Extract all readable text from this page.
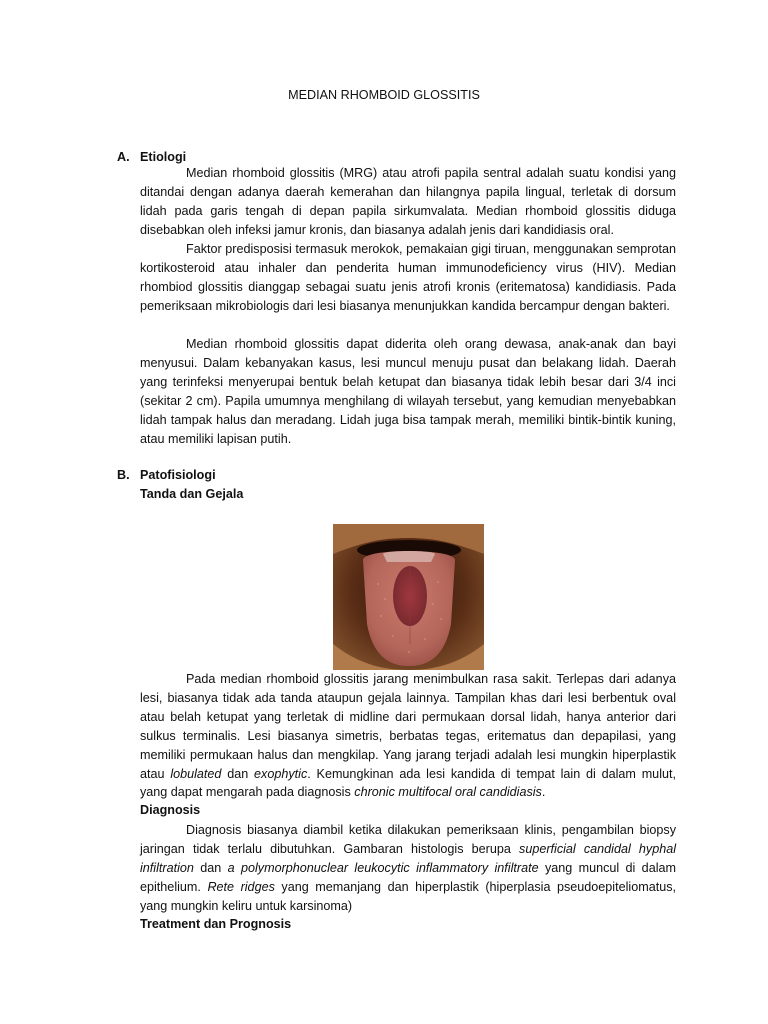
MEDIAN RHOMBOID GLOSSITIS
A. Etiologi

Median rhomboid glossitis (MRG) atau atrofi papila sentral adalah suatu kondisi yang ditandai dengan adanya daerah kemerahan dan hilangnya papila lingual, terletak di dorsum lidah pada garis tengah di depan papila sirkumvalata. Median rhomboid glossitis diduga disebabkan oleh infeksi jamur kronis, dan biasanya adalah jenis dari kandidiasis oral.

Faktor predisposisi termasuk merokok, pemakaian gigi tiruan, menggunakan semprotan kortikosteroid atau inhaler dan penderita human immunodeficiency virus (HIV). Median rhombiod glossitis dianggap sebagai suatu jenis atrofi kronis (eritematosa) kandidiasis. Pada pemeriksaan mikrobiologis dari lesi biasanya menunjukkan kandida bercampur dengan bakteri.

Median rhomboid glossitis dapat diderita oleh orang dewasa, anak-anak dan bayi menyusui. Dalam kebanyakan kasus, lesi muncul menuju pusat dan belakang lidah. Daerah yang terinfeksi menyerupai bentuk belah ketupat dan biasanya tidak lebih besar dari 3/4 inci (sekitar 2 cm). Papila umumnya menghilang di wilayah tersebut, yang kemudian menyebabkan lidah tampak halus dan meradang. Lidah juga bisa tampak merah, memiliki bintik-bintik kuning, atau memiliki lapisan putih.

B. Patofisiologi
Tanda dan Gejala

Pada median rhomboid glossitis jarang menimbulkan rasa sakit. Terlepas dari adanya lesi, biasanya tidak ada tanda ataupun gejala lainnya. Tampilan khas dari lesi berbentuk oval atau belah ketupat yang terletak di midline dari permukaan dorsal lidah, hanya anterior dari sulkus terminalis. Lesi biasanya simetris, berbatas tegas, eritematus dan depapilasi, yang memiliki permukaan halus dan mengkilap. Yang jarang terjadi adalah lesi mungkin hiperplastik atau lobulated dan exophytic. Kemungkinan ada lesi kandida di tempat lain di dalam mulut, yang dapat mengarah pada diagnosis chronic multifocal oral candidiasis.

Diagnosis

Diagnosis biasanya diambil ketika dilakukan pemeriksaan klinis, pengambilan biopsy jaringan tidak terlalu dibutuhkan. Gambaran histologis berupa superficial candidal hyphal infiltration dan a polymorphonuclear leukocytic inflammatory infiltrate yang muncul di dalam epithelium. Rete ridges yang memanjang dan hiperplastik (hiperplasia pseudoepiteliomatus, yang mungkin keliru untuk karsinoma)

Treatment dan Prognosis
